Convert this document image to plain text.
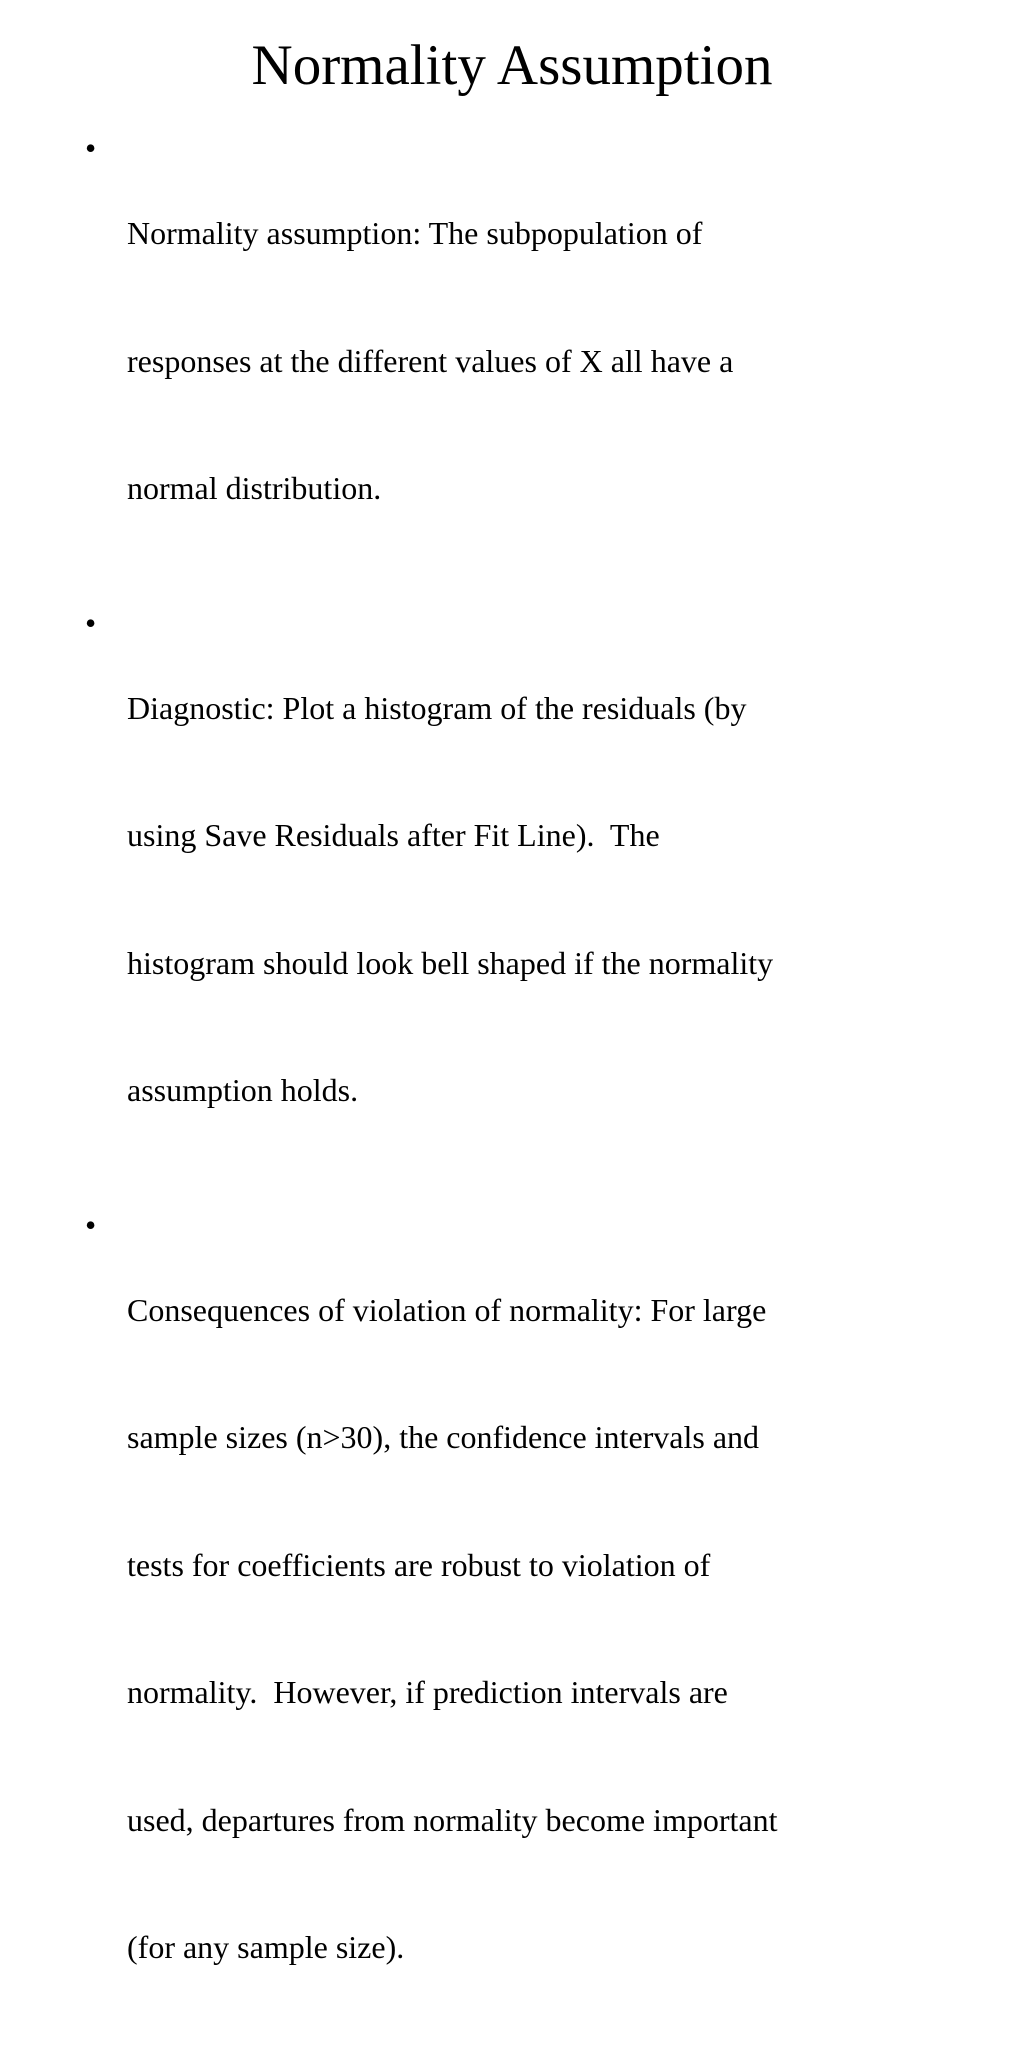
Normality Assumption
•

Normality assumption: The subpopulation of

responses at the different values of X all have a

normal distribution.

•

Diagnostic: Plot a histogram of the residuals (by

using Save Residuals after Fit Line).  The

histogram should look bell shaped if the normality

assumption holds.

•

Consequences of violation of normality: For large

sample sizes (n>30), the confidence intervals and

tests for coefficients are robust to violation of

normality.  However, if prediction intervals are

used, departures from normality become important

(for any sample size).
